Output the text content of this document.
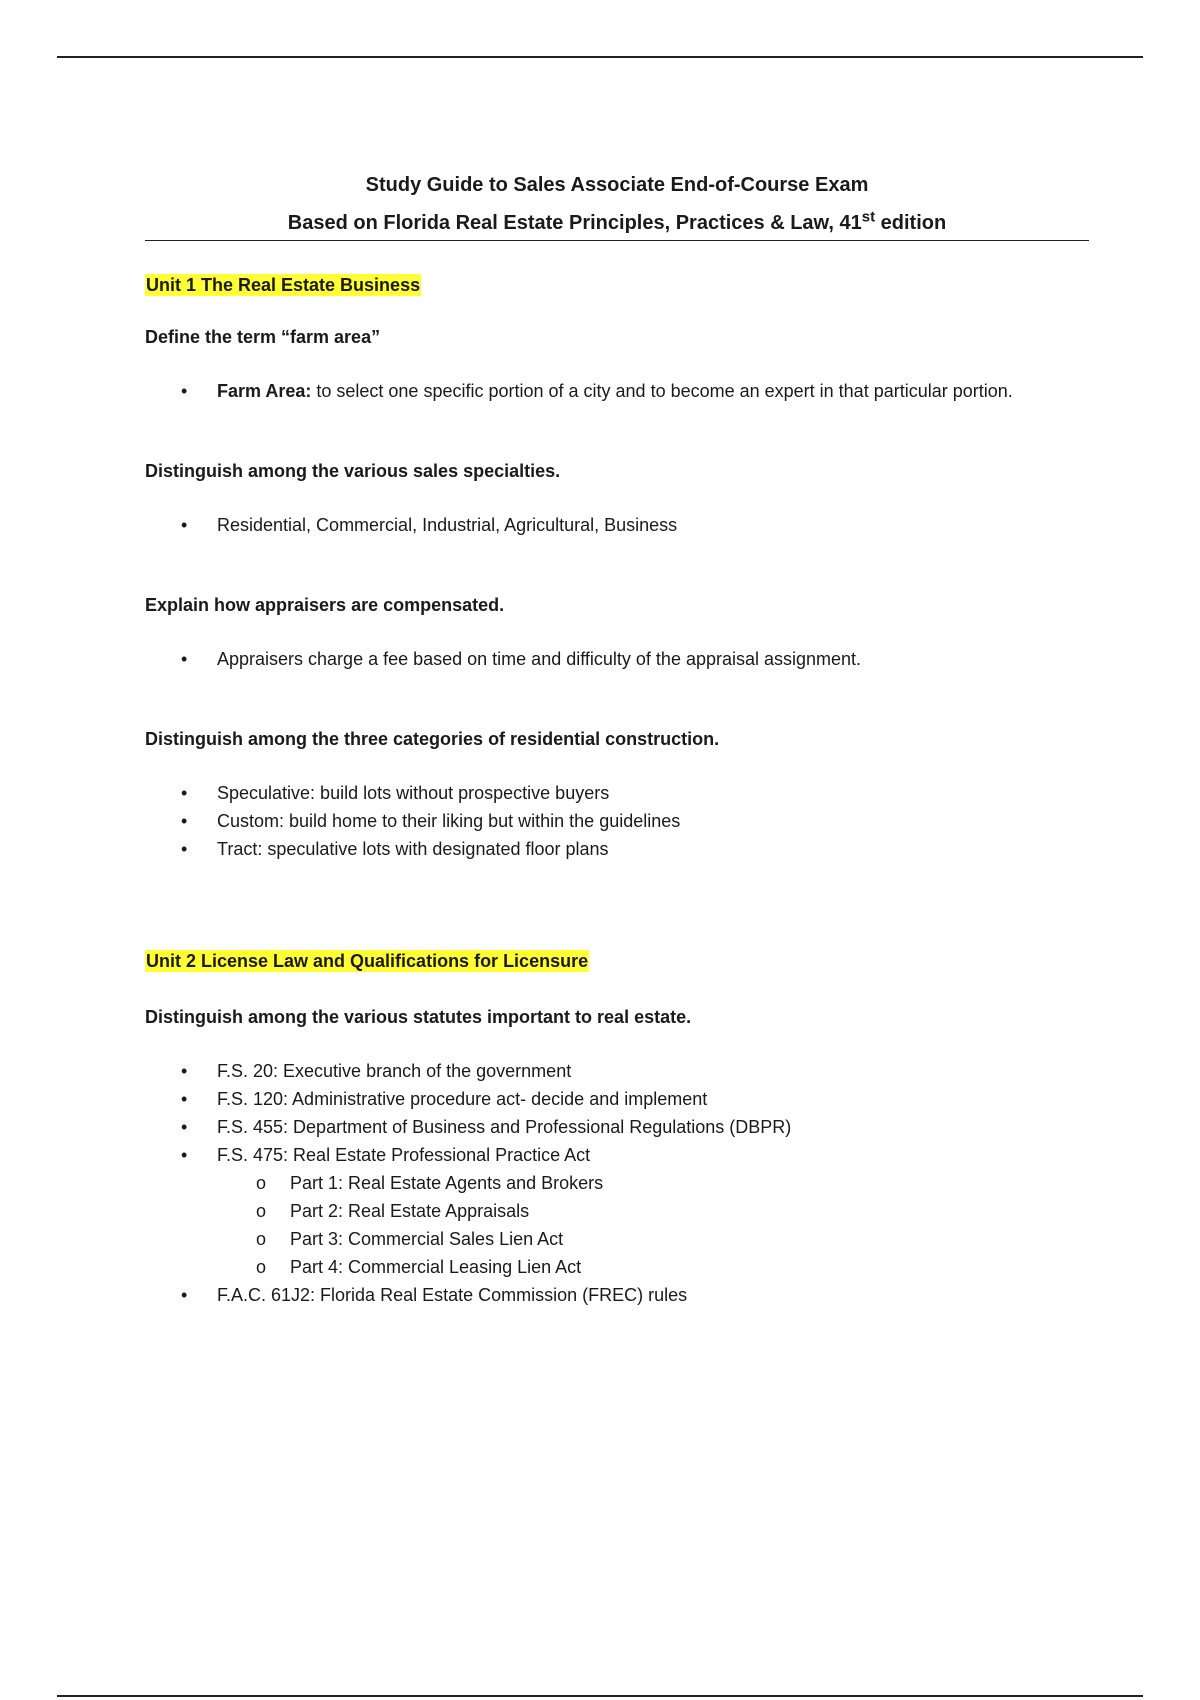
Study Guide to Sales Associate End-of-Course Exam

Based on Florida Real Estate Principles, Practices & Law, 41st edition

Unit 1 The Real Estate Business

Define the term “farm area”

• Farm Area: to select one specific portion of a city and to become an expert in that particular portion.

Distinguish among the various sales specialties.

• Residential, Commercial, Industrial, Agricultural, Business

Explain how appraisers are compensated.

• Appraisers charge a fee based on time and difficulty of the appraisal assignment.

Distinguish among the three categories of residential construction.

• Speculative: build lots without prospective buyers
• Custom: build home to their liking but within the guidelines
• Tract: speculative lots with designated floor plans

Unit 2 License Law and Qualifications for Licensure

Distinguish among the various statutes important to real estate.

• F.S. 20: Executive branch of the government
• F.S. 120: Administrative procedure act- decide and implement
• F.S. 455: Department of Business and Professional Regulations (DBPR)
• F.S. 475: Real Estate Professional Practice Act
o Part 1: Real Estate Agents and Brokers
o Part 2: Real Estate Appraisals
o Part 3: Commercial Sales Lien Act
o Part 4: Commercial Leasing Lien Act
• F.A.C. 61J2: Florida Real Estate Commission (FREC) rules
